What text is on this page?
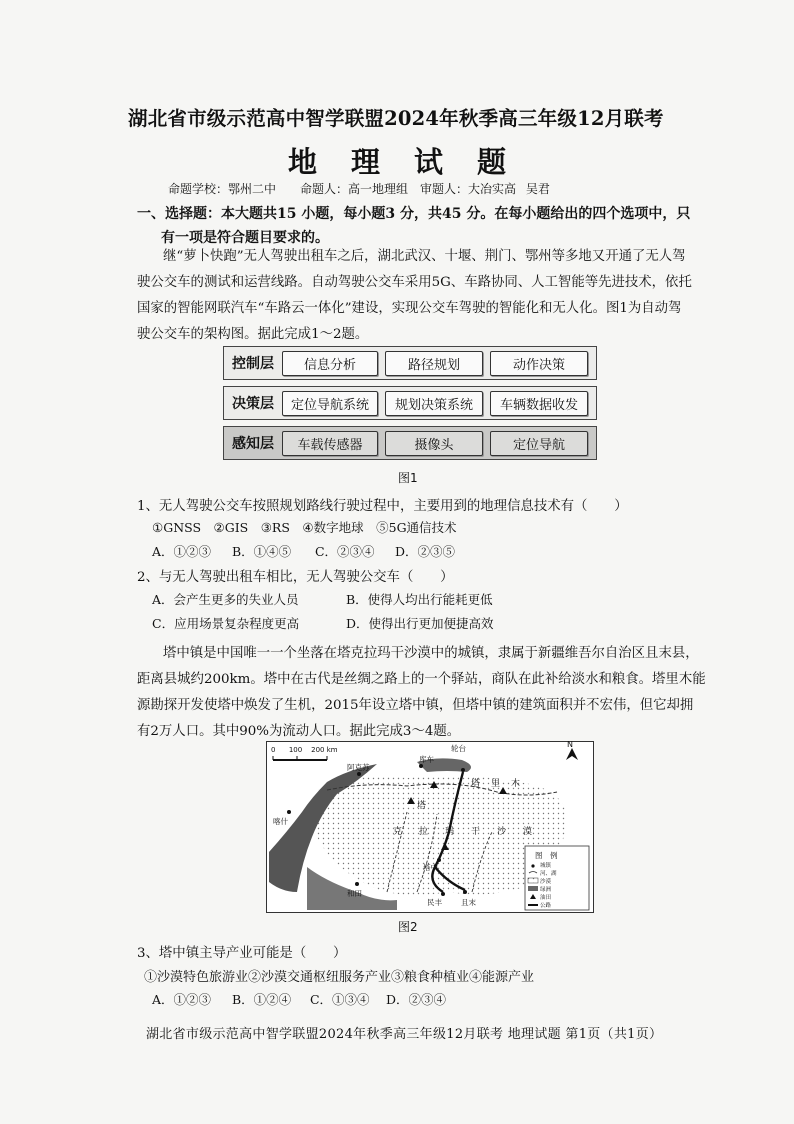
湖北省市级示范高中智学联盟2024年秋季高三年级12月联考
地理试题
命题学校：鄂州二中　　命题人：高一地理组　审题人：大冶实高 吴君
一、选择题：本大题共15 小题，每小题3 分，共45 分。在每小题给出的四个选项中，只
有一项是符合题目要求的。
继“萝卜快跑”无人驾驶出租车之后，湖北武汉、十堰、荆门、鄂州等多地又开通了无人驾
驶公交车的测试和运营线路。自动驾驶公交车采用5G、车路协同、人工智能等先进技术，依托
国家的智能网联汽车“车路云一体化”建设，实现公交车驾驶的智能化和无人化。图1为自动驾
驶公交车的架构图。据此完成1～2题。
控制层	信息分析	路径规划	动作决策
决策层	定位导航系统	规划决策系统	车辆数据收发
感知层	车载传感器	摄像头	定位导航
图1
1、无人驾驶公交车按照规划路线行驶过程中，主要用到的地理信息技术有（　　）
①GNSS　②GIS　③RS　④数字地球　⑤5G通信技术
A．①②③ B．①④⑤ C．②③④ D．②③⑤
2、与无人驾驶出租车相比，无人驾驶公交车（　　）
A．会产生更多的失业人员	B．使得人均出行能耗更低
C．应用场景复杂程度更高	D．使得出行更加便捷高效
塔中镇是中国唯一一个坐落在塔克拉玛干沙漠中的城镇，隶属于新疆维吾尔自治区且末县，
距离县城约200km。塔中在古代是丝绸之路上的一个驿站，商队在此补给淡水和粮食。塔里木能
源勘探开发使塔中焕发了生机，2015年设立塔中镇，但塔中镇的建筑面积并不宏伟，但它却拥
有2万人口。其中90%为流动人口。据此完成3～4题。
0 100 200 km
N
轮台
库车
阿克苏
喀什
塔中
和田
民丰	且末
塔
克 拉 玛 干 沙 漠
塔 里 木
图　例
城镇
河、湖
沙漠
绿洲
油田
公路
图2
3、塔中镇主导产业可能是（　　）
①沙漠特色旅游业②沙漠交通枢纽服务产业③粮食种植业④能源产业
A．①②③ B．①②④ C．①③④ D．②③④
湖北省市级示范高中智学联盟2024年秋季高三年级12月联考 地理试题 第1页（共1页）
